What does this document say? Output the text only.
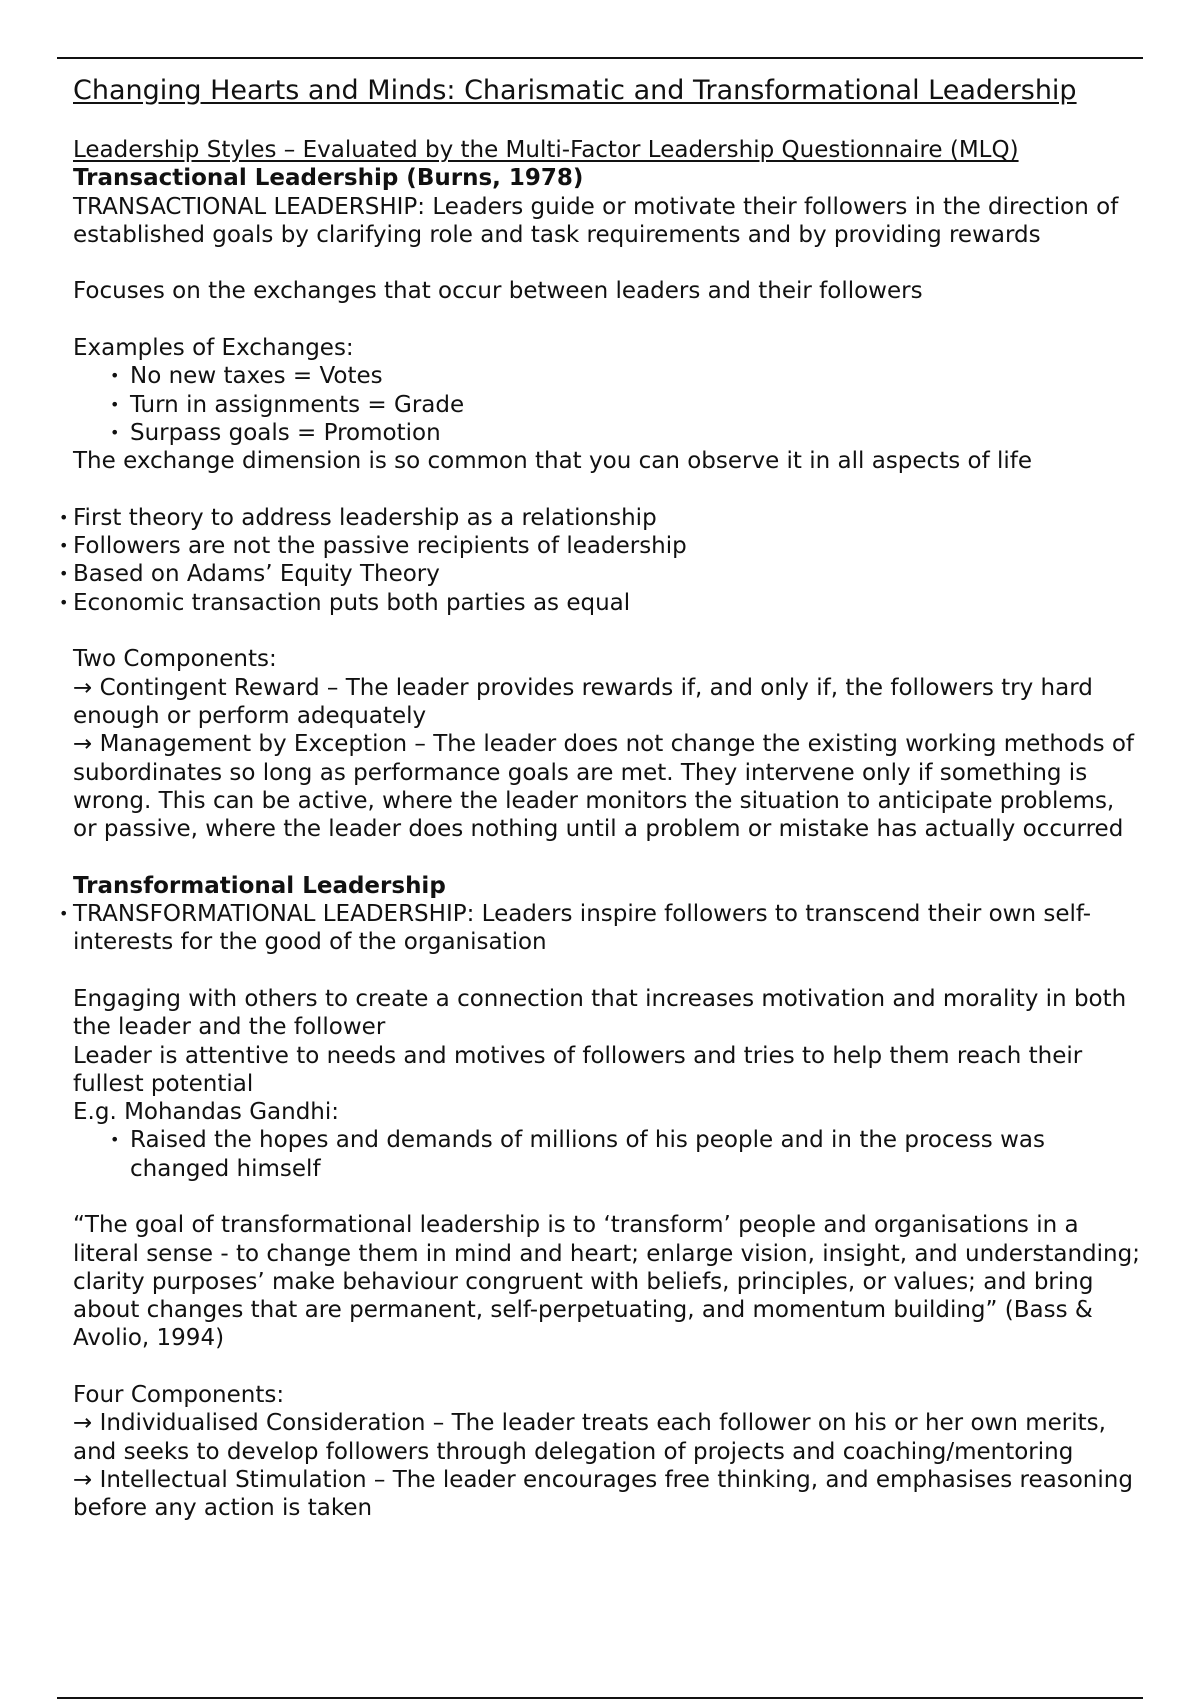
Changing Hearts and Minds: Charismatic and Transformational Leadership

Leadership Styles – Evaluated by the Multi-Factor Leadership Questionnaire (MLQ)

Transactional Leadership (Burns, 1978)

TRANSACTIONAL LEADERSHIP: Leaders guide or motivate their followers in the direction of established goals by clarifying role and task requirements and by providing rewards

Focuses on the exchanges that occur between leaders and their followers

Examples of Exchanges:

• No new taxes = Votes
• Turn in assignments = Grade
• Surpass goals = Promotion

The exchange dimension is so common that you can observe it in all aspects of life

• First theory to address leadership as a relationship
• Followers are not the passive recipients of leadership
• Based on Adams’ Equity Theory
• Economic transaction puts both parties as equal

Two Components:

→ Contingent Reward – The leader provides rewards if, and only if, the followers try hard enough or perform adequately

→ Management by Exception – The leader does not change the existing working methods of subordinates so long as performance goals are met. They intervene only if something is wrong. This can be active, where the leader monitors the situation to anticipate problems, or passive, where the leader does nothing until a problem or mistake has actually occurred

Transformational Leadership

• TRANSFORMATIONAL LEADERSHIP: Leaders inspire followers to transcend their own self-interests for the good of the organisation

Engaging with others to create a connection that increases motivation and morality in both the leader and the follower

Leader is attentive to needs and motives of followers and tries to help them reach their fullest potential

E.g. Mohandas Gandhi:

• Raised the hopes and demands of millions of his people and in the process was changed himself

“The goal of transformational leadership is to ‘transform’ people and organisations in a literal sense - to change them in mind and heart; enlarge vision, insight, and understanding; clarity purposes’ make behaviour congruent with beliefs, principles, or values; and bring about changes that are permanent, self-perpetuating, and momentum building” (Bass & Avolio, 1994)

Four Components:

→ Individualised Consideration – The leader treats each follower on his or her own merits, and seeks to develop followers through delegation of projects and coaching/mentoring

→ Intellectual Stimulation – The leader encourages free thinking, and emphasises reasoning before any action is taken
